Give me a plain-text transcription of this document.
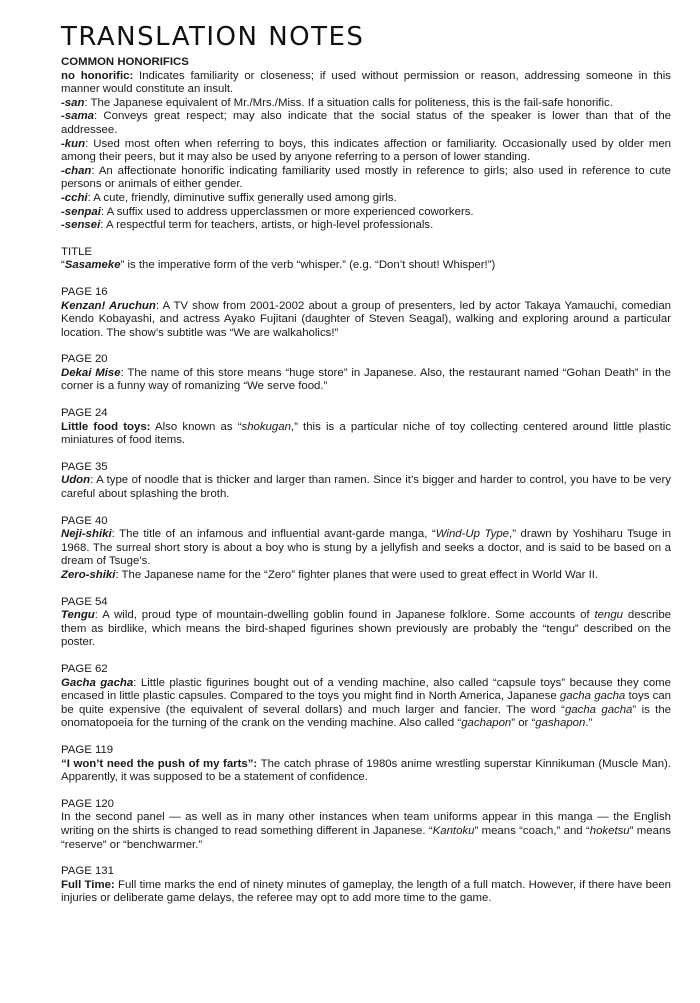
TRANSLATION NOTES

COMMON HONORIFICS

no honorific: Indicates familiarity or closeness; if used without permission or reason, addressing someone in this manner would constitute an insult.

-san: The Japanese equivalent of Mr./Mrs./Miss. If a situation calls for politeness, this is the fail-safe honorific.

-sama: Conveys great respect; may also indicate that the social status of the speaker is lower than that of the addressee.

-kun: Used most often when referring to boys, this indicates affection or familiarity. Occasionally used by older men among their peers, but it may also be used by anyone referring to a person of lower standing.

-chan: An affectionate honorific indicating familiarity used mostly in reference to girls; also used in reference to cute persons or animals of either gender.

-cchi: A cute, friendly, diminutive suffix generally used among girls.

-senpai: A suffix used to address upperclassmen or more experienced coworkers.

-sensei: A respectful term for teachers, artists, or high-level professionals.

TITLE

“Sasameke” is the imperative form of the verb “whisper.” (e.g. “Don’t shout! Whisper!”)

PAGE 16

Kenzan! Aruchun: A TV show from 2001-2002 about a group of presenters, led by actor Takaya Yamauchi, comedian Kendo Kobayashi, and actress Ayako Fujitani (daughter of Steven Seagal), walking and exploring around a particular location. The show’s subtitle was “We are walkaholics!”

PAGE 20

Dekai Mise: The name of this store means “huge store” in Japanese. Also, the restaurant named “Gohan Death” in the corner is a funny way of romanizing “We serve food.”

PAGE 24

Little food toys: Also known as “shokugan,” this is a particular niche of toy collecting centered around little plastic miniatures of food items.

PAGE 35

Udon: A type of noodle that is thicker and larger than ramen. Since it’s bigger and harder to control, you have to be very careful about splashing the broth.

PAGE 40

Neji-shiki: The title of an infamous and influential avant-garde manga, “Wind-Up Type,” drawn by Yoshiharu Tsuge in 1968. The surreal short story is about a boy who is stung by a jellyfish and seeks a doctor, and is said to be based on a dream of Tsuge’s.

Zero-shiki: The Japanese name for the “Zero” fighter planes that were used to great effect in World War II.

PAGE 54

Tengu: A wild, proud type of mountain-dwelling goblin found in Japanese folklore. Some accounts of tengu describe them as birdlike, which means the bird-shaped figurines shown previously are probably the “tengu” described on the poster.

PAGE 62

Gacha gacha: Little plastic figurines bought out of a vending machine, also called “capsule toys” because they come encased in little plastic capsules. Compared to the toys you might find in North America, Japanese gacha gacha toys can be quite expensive (the equivalent of several dollars) and much larger and fancier. The word “gacha gacha” is the onomatopoeia for the turning of the crank on the vending machine. Also called “gachapon” or “gashapon.”

PAGE 119

“I won’t need the push of my farts”: The catch phrase of 1980s anime wrestling superstar Kinnikuman (Muscle Man). Apparently, it was supposed to be a statement of confidence.

PAGE 120

In the second panel — as well as in many other instances when team uniforms appear in this manga — the English writing on the shirts is changed to read something different in Japanese. “Kantoku” means “coach,” and “hoketsu” means “reserve” or “benchwarmer.”

PAGE 131

Full Time: Full time marks the end of ninety minutes of gameplay, the length of a full match. However, if there have been injuries or deliberate game delays, the referee may opt to add more time to the game.
